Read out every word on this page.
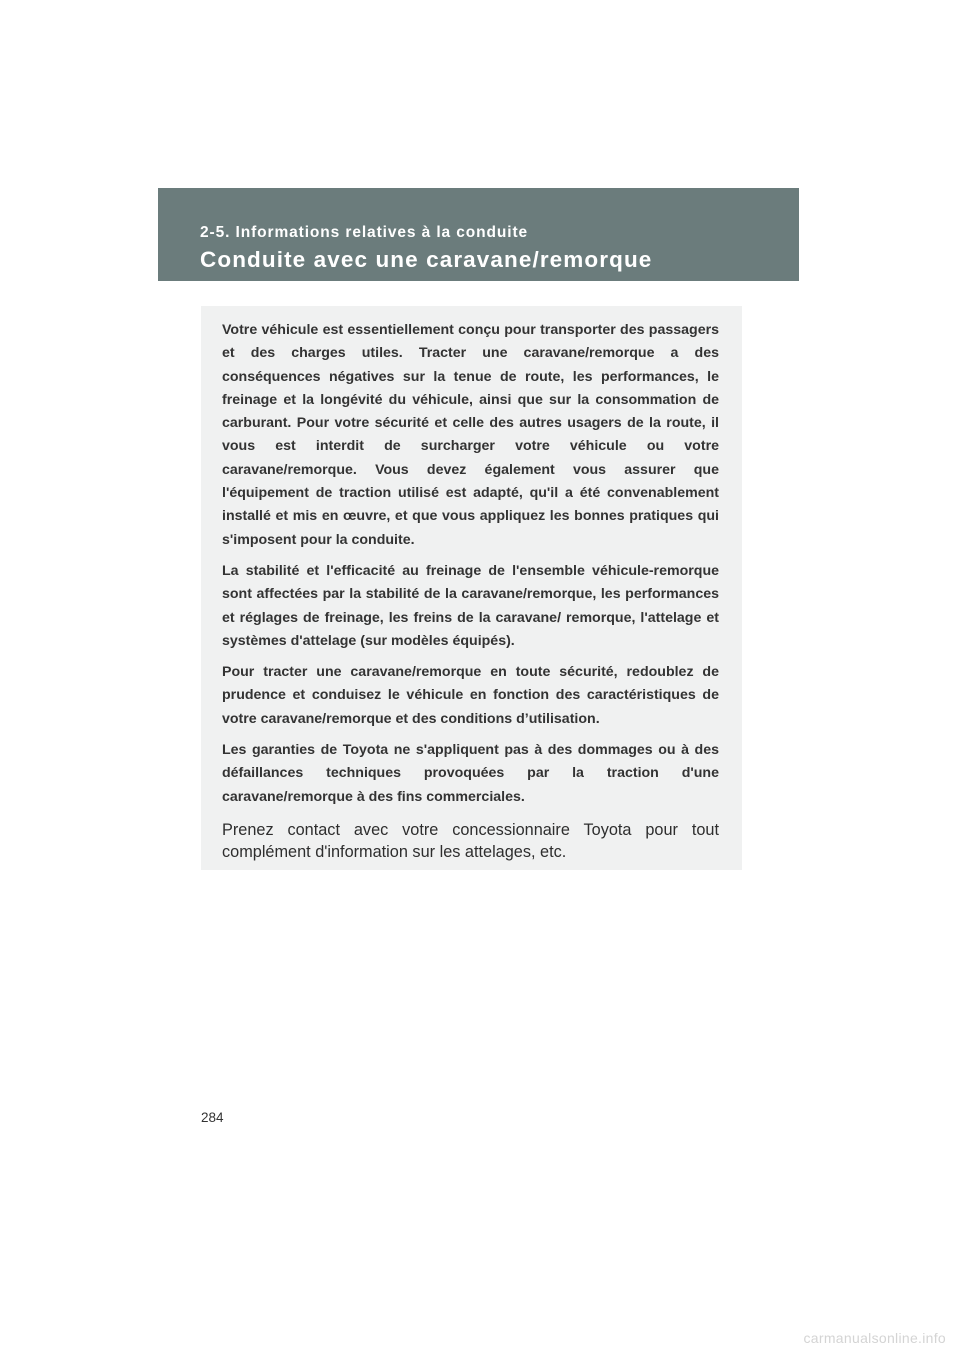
2-5. Informations relatives à la conduite
Conduite avec une caravane/remorque

Votre véhicule est essentiellement conçu pour transporter des passagers et des charges utiles. Tracter une caravane/remorque a des conséquences négatives sur la tenue de route, les performances, le freinage et la longévité du véhicule, ainsi que sur la consommation de carburant. Pour votre sécurité et celle des autres usagers de la route, il vous est interdit de surcharger votre véhicule ou votre caravane/remorque. Vous devez également vous assurer que l'équipement de traction utilisé est adapté, qu'il a été convenablement installé et mis en œuvre, et que vous appliquez les bonnes pratiques qui s'imposent pour la conduite.

La stabilité et l'efficacité au freinage de l'ensemble véhicule-remorque sont affectées par la stabilité de la caravane/remorque, les performances et réglages de freinage, les freins de la caravane/ remorque, l'attelage et systèmes d'attelage (sur modèles équipés).

Pour tracter une caravane/remorque en toute sécurité, redoublez de prudence et conduisez le véhicule en fonction des caractéristiques de votre caravane/remorque et des conditions d’utilisation.

Les garanties de Toyota ne s'appliquent pas à des dommages ou à des défaillances techniques provoquées par la traction d'une caravane/remorque à des fins commerciales.

Prenez contact avec votre concessionnaire Toyota pour tout complément d'information sur les attelages, etc.

284
carmanualsonline.info
